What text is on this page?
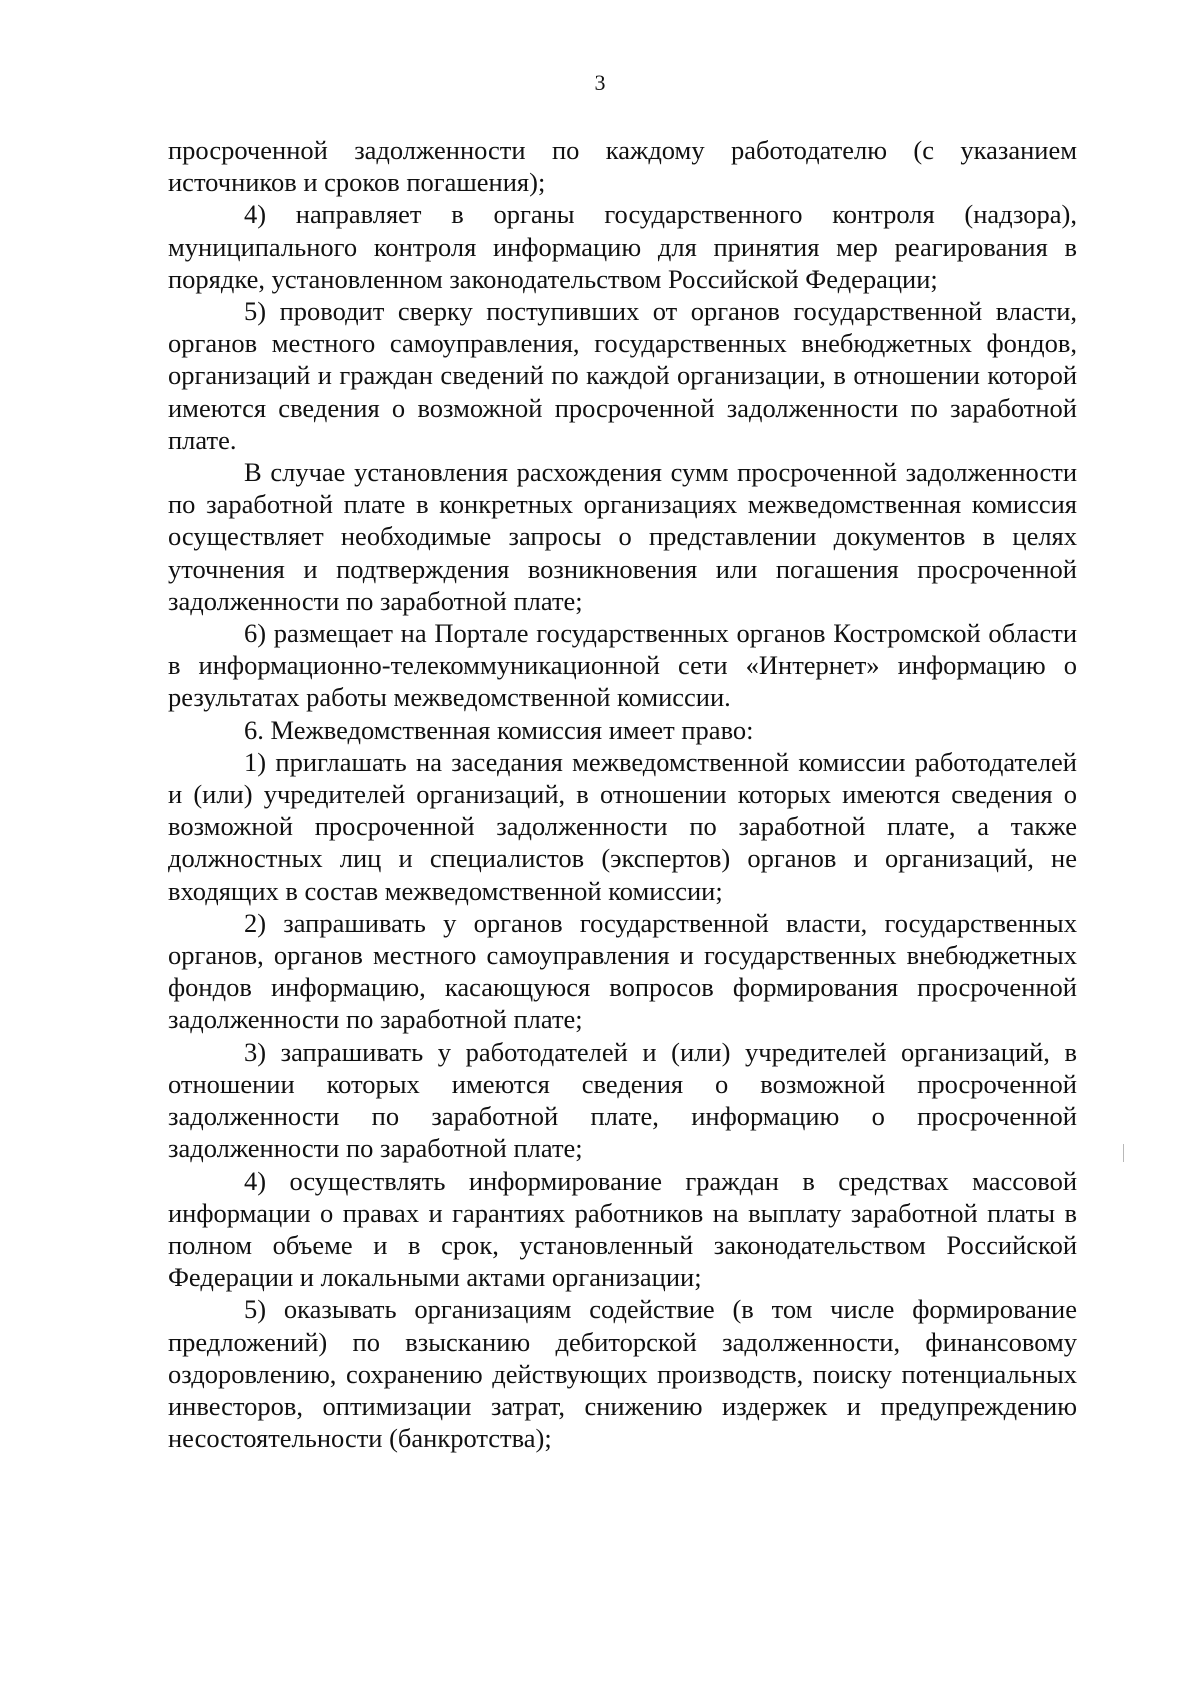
3

просроченной задолженности по каждому работодателю (с указанием источников и сроков погашения);

4) направляет в органы государственного контроля (надзора), муниципального контроля информацию для принятия мер реагирования в порядке, установленном законодательством Российской Федерации;

5) проводит сверку поступивших от органов государственной власти, органов местного самоуправления, государственных внебюджетных фондов, организаций и граждан сведений по каждой организации, в отношении которой имеются сведения о возможной просроченной задолженности по заработной плате.

В случае установления расхождения сумм просроченной задолженности по заработной плате в конкретных организациях межведомственная комиссия осуществляет необходимые запросы о представлении документов в целях уточнения и подтверждения возникновения или погашения просроченной задолженности по заработной плате;

6) размещает на Портале государственных органов Костромской области в информационно-телекоммуникационной сети «Интернет» информацию о результатах работы межведомственной комиссии.

6. Межведомственная комиссия имеет право:

1) приглашать на заседания межведомственной комиссии работодателей и (или) учредителей организаций, в отношении которых имеются сведения о возможной просроченной задолженности по заработной плате, а также должностных лиц и специалистов (экспертов) органов и организаций, не входящих в состав межведомственной комиссии;

2) запрашивать у органов государственной власти, государственных органов, органов местного самоуправления и государственных внебюджетных фондов информацию, касающуюся вопросов формирования просроченной задолженности по заработной плате;

3) запрашивать у работодателей и (или) учредителей организаций, в отношении которых имеются сведения о возможной просроченной задолженности по заработной плате, информацию о просроченной задолженности по заработной плате;

4) осуществлять информирование граждан в средствах массовой информации о правах и гарантиях работников на выплату заработной платы в полном объеме и в срок, установленный законодательством Российской Федерации и локальными актами организации;

5) оказывать организациям содействие (в том числе формирование предложений) по взысканию дебиторской задолженности, финансовому оздоровлению, сохранению действующих производств, поиску потенциальных инвесторов, оптимизации затрат, снижению издержек и предупреждению несостоятельности (банкротства);
